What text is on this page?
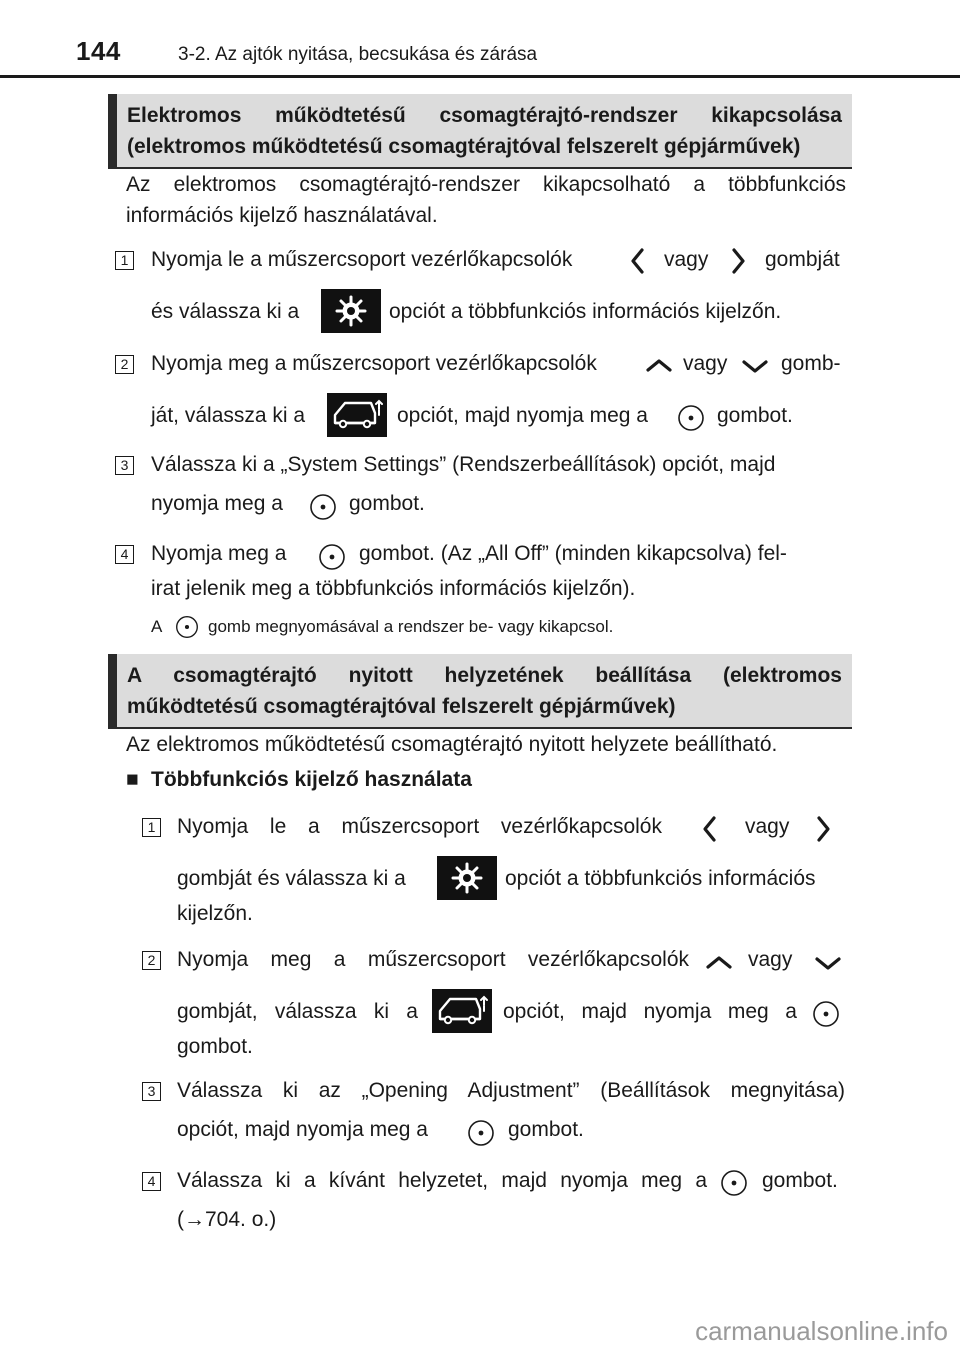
144	3-2. Az ajtók nyitása, becsukása és zárása
Elektromos működtetésű csomagtérajtó-rendszer kikapcsolása
(elektromos működtetésű csomagtérajtóval felszerelt gépjárművek)
Az elektromos csomagtérajtó-rendszer kikapcsolható a többfunkciós információs kijelző használatával.
1 Nyomja le a műszercsoport vezérlőkapcsolók	vagy	gombját
és válassza ki a	opciót a többfunkciós információs kijelzőn.
2 Nyomja meg a műszercsoport vezérlőkapcsolók	vagy	gomb-
ját, válassza ki a	opciót, majd nyomja meg a	gombot.
3 Válassza ki a „System Settings” (Rendszerbeállítások) opciót, majd
nyomja meg a	gombot.
4 Nyomja meg a	gombot. (Az „All Off” (minden kikapcsolva) fel-
irat jelenik meg a többfunkciós információs kijelzőn).
A	gomb megnyomásával a rendszer be- vagy kikapcsol.
A csomagtérajtó nyitott helyzetének beállítása (elektromos
működtetésű csomagtérajtóval felszerelt gépjárművek)
Az elektromos működtetésű csomagtérajtó nyitott helyzete beállítható.
■ Többfunkciós kijelző használata
1 Nyomja le a műszercsoport vezérlőkapcsolók	vagy
gombját és válassza ki a	opciót a többfunkciós információs
kijelzőn.
2 Nyomja meg a műszercsoport vezérlőkapcsolók	vagy
gombját, válassza ki a	opciót, majd nyomja meg a
gombot.
3 Válassza ki az „Opening Adjustment” (Beállítások megnyitása)
opciót, majd nyomja meg a	gombot.
4 Válassza ki a kívánt helyzetet, majd nyomja meg a	gombot.
(→704. o.)
carmanualsonline.info
